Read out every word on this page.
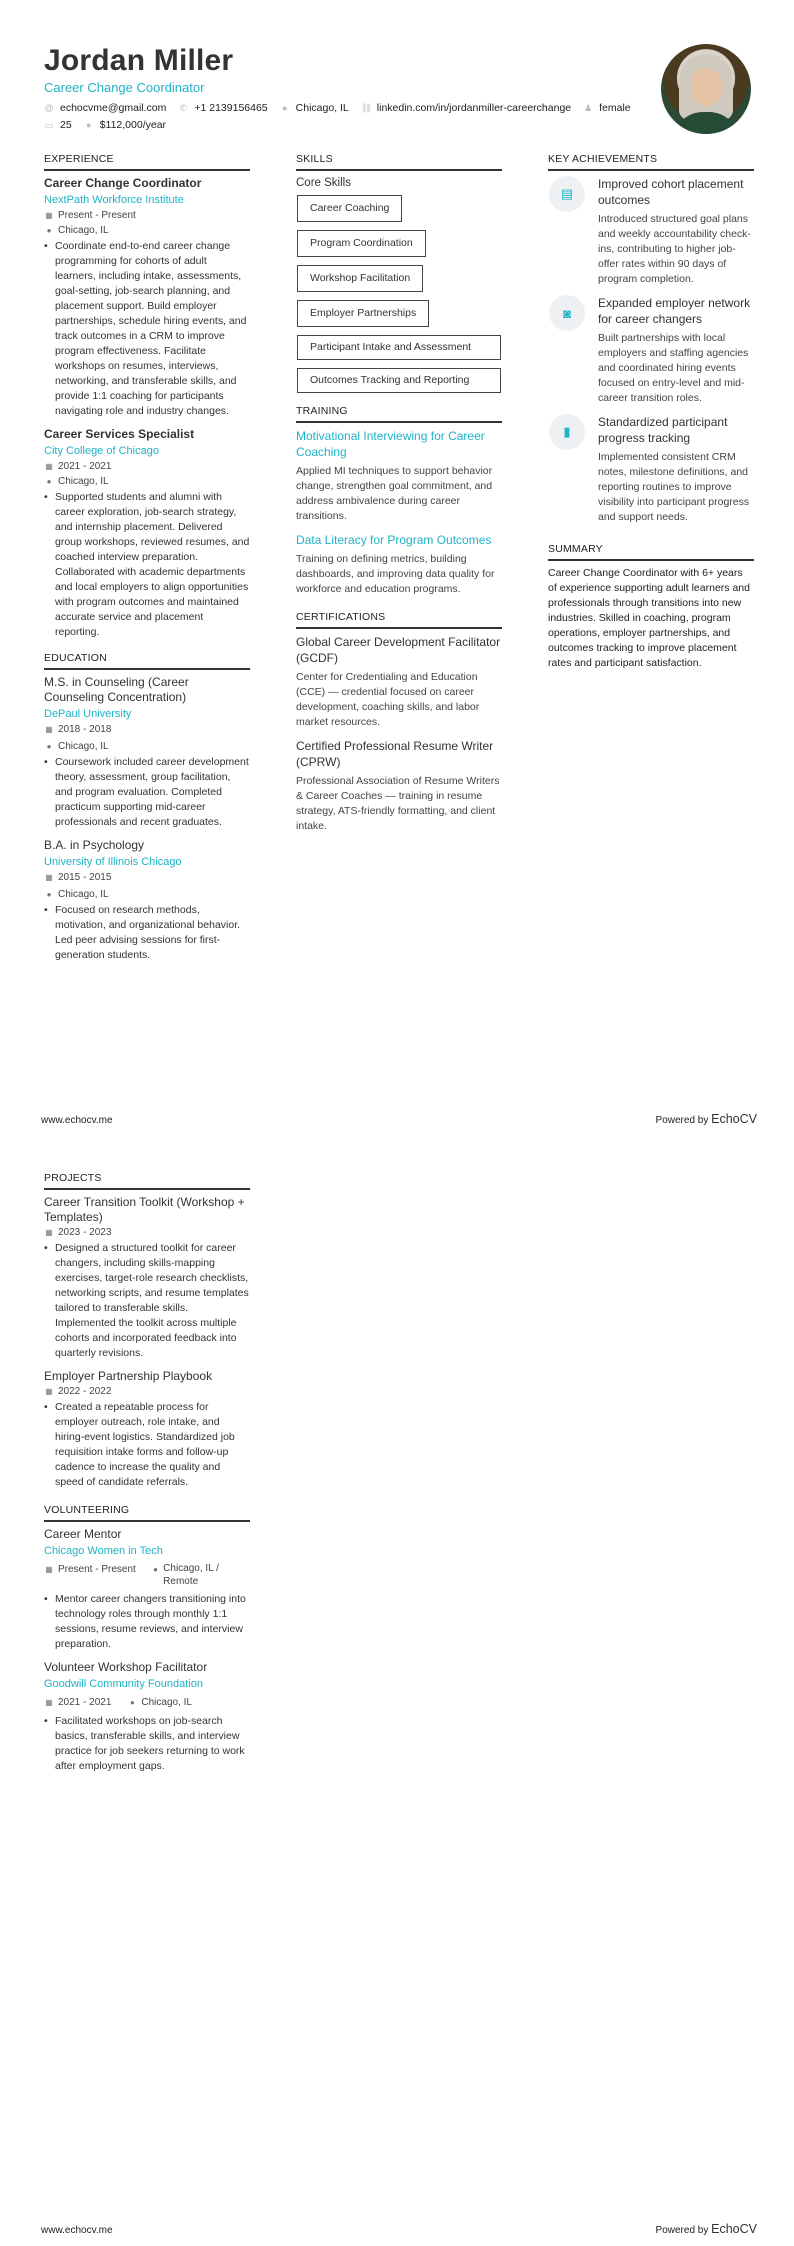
Jordan Miller
Career Change Coordinator
@ echocvme@gmail.com ✆ +1 2139156465 ● Chicago, IL ⛓ linkedin.com/in/jordanmiller-careerchange ♟ female
▭ 25 ● $112,000/year
EXPERIENCE
Career Change Coordinator
NextPath Workforce Institute
▦ Present - Present
● Chicago, IL
• Coordinate end-to-end career change programming for cohorts of adult learners, including intake, assessments, goal-setting, job-search planning, and placement support. Build employer partnerships, schedule hiring events, and track outcomes in a CRM to improve program effectiveness. Facilitate workshops on resumes, interviews, networking, and transferable skills, and provide 1:1 coaching for participants navigating role and industry changes.
Career Services Specialist
City College of Chicago
▦ 2021 - 2021
● Chicago, IL
• Supported students and alumni with career exploration, job-search strategy, and internship placement. Delivered group workshops, reviewed resumes, and coached interview preparation. Collaborated with academic departments and local employers to align opportunities with program outcomes and maintained accurate service and placement reporting.
EDUCATION
M.S. in Counseling (Career Counseling Concentration)
DePaul University
▦ 2018 - 2018
● Chicago, IL
• Coursework included career development theory, assessment, group facilitation, and program evaluation. Completed practicum supporting mid-career professionals and recent graduates.
B.A. in Psychology
University of Illinois Chicago
▦ 2015 - 2015
● Chicago, IL
• Focused on research methods, motivation, and organizational behavior. Led peer advising sessions for first-generation students.
SKILLS
Core Skills
Career Coaching
Program Coordination
Workshop Facilitation
Employer Partnerships
Participant Intake and Assessment
Outcomes Tracking and Reporting
TRAINING
Motivational Interviewing for Career Coaching
Applied MI techniques to support behavior change, strengthen goal commitment, and address ambivalence during career transitions.
Data Literacy for Program Outcomes
Training on defining metrics, building dashboards, and improving data quality for workforce and education programs.
CERTIFICATIONS
Global Career Development Facilitator (GCDF)
Center for Credentialing and Education (CCE) — credential focused on career development, coaching skills, and labor market resources.
Certified Professional Resume Writer (CPRW)
Professional Association of Resume Writers & Career Coaches — training in resume strategy, ATS-friendly formatting, and client intake.
KEY ACHIEVEMENTS
▤
Improved cohort placement outcomes
Introduced structured goal plans and weekly accountability check-ins, contributing to higher job-offer rates within 90 days of program completion.
◙
Expanded employer network for career changers
Built partnerships with local employers and staffing agencies and coordinated hiring events focused on entry-level and mid-career transition roles.
▮
Standardized participant progress tracking
Implemented consistent CRM notes, milestone definitions, and reporting routines to improve visibility into participant progress and support needs.
SUMMARY
Career Change Coordinator with 6+ years of experience supporting adult learners and professionals through transitions into new industries. Skilled in coaching, program operations, employer partnerships, and outcomes tracking to improve placement rates and participant satisfaction.
www.echocv.me	Powered by EchoCV
PROJECTS
Career Transition Toolkit (Workshop + Templates)
▦ 2023 - 2023
• Designed a structured toolkit for career changers, including skills-mapping exercises, target-role research checklists, networking scripts, and resume templates tailored to transferable skills. Implemented the toolkit across multiple cohorts and incorporated feedback into quarterly revisions.
Employer Partnership Playbook
▦ 2022 - 2022
• Created a repeatable process for employer outreach, role intake, and hiring-event logistics. Standardized job requisition intake forms and follow-up cadence to increase the quality and speed of candidate referrals.
VOLUNTEERING
Career Mentor
Chicago Women in Tech
▦ Present - Present ● Chicago, IL / Remote
• Mentor career changers transitioning into technology roles through monthly 1:1 sessions, resume reviews, and interview preparation.
Volunteer Workshop Facilitator
Goodwill Community Foundation
▦ 2021 - 2021	● Chicago, IL
• Facilitated workshops on job-search basics, transferable skills, and interview practice for job seekers returning to work after employment gaps.
www.echocv.me	Powered by EchoCV
